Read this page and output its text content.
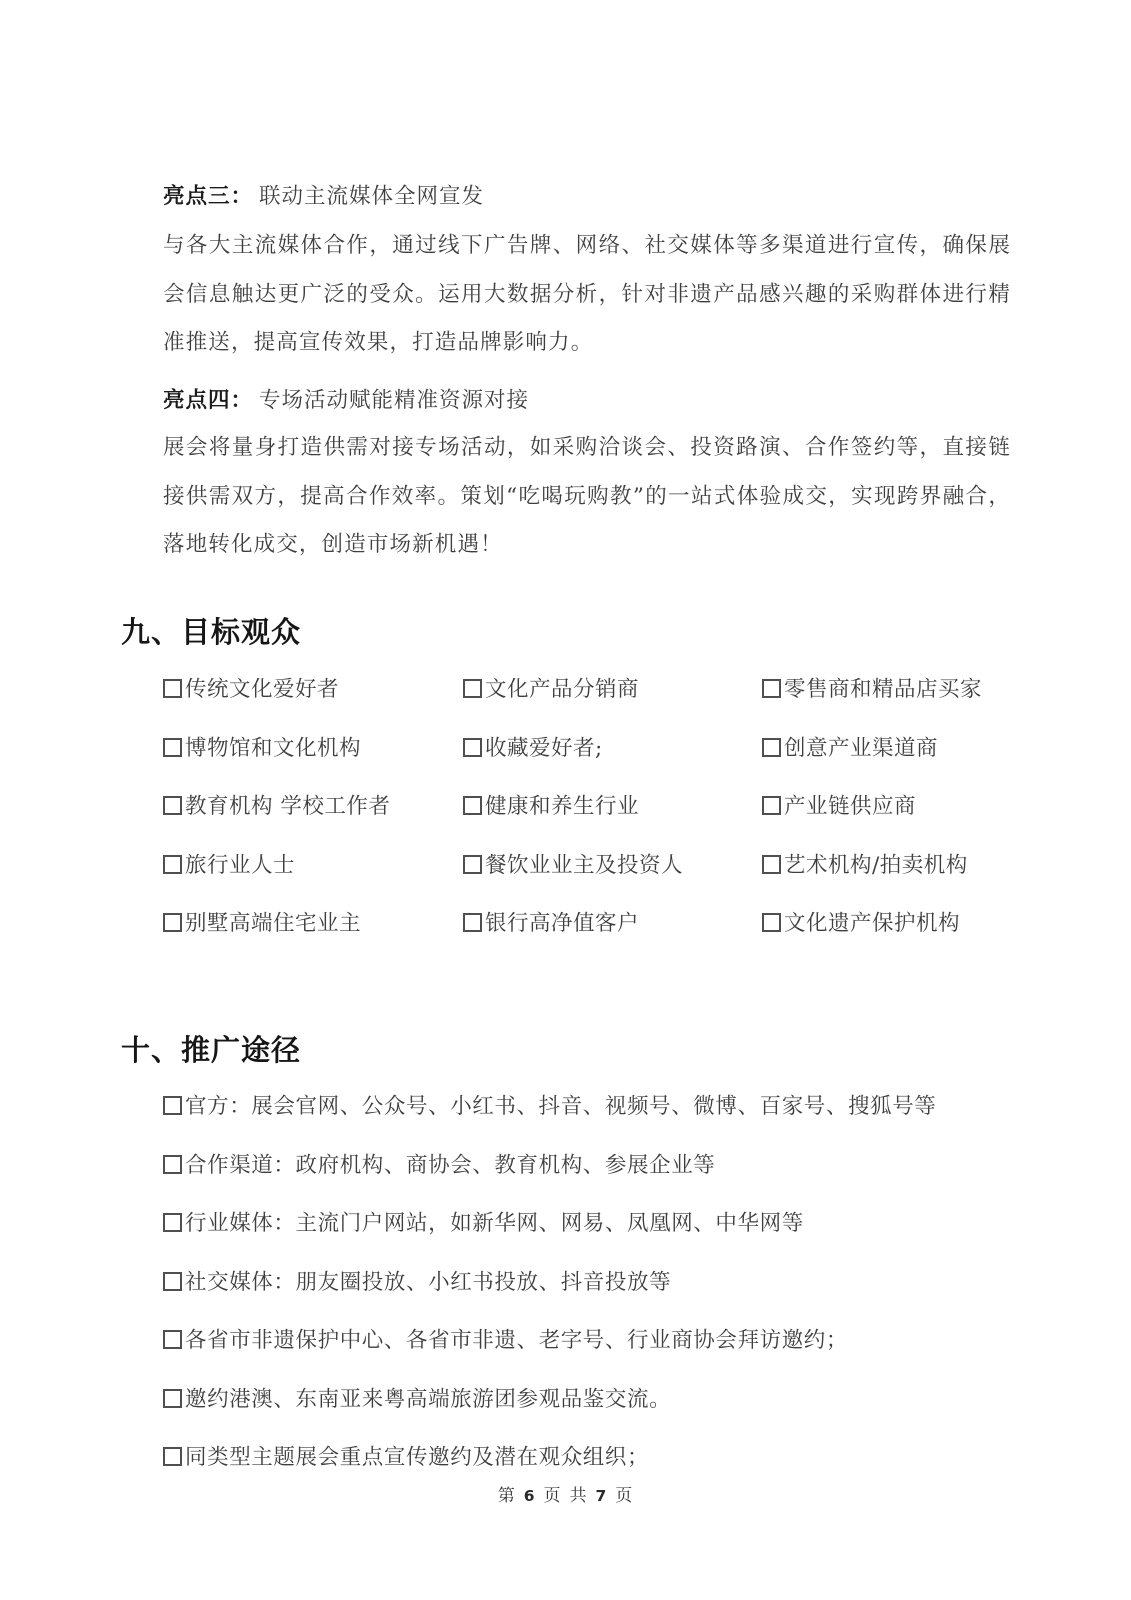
亮点三： 联动主流媒体全网宣发
与各大主流媒体合作，通过线下广告牌、网络、社交媒体等多渠道进行宣传，确保展会信息触达更广泛的受众。运用大数据分析，针对非遗产品感兴趣的采购群体进行精准推送，提高宣传效果，打造品牌影响力。
亮点四： 专场活动赋能精准资源对接
展会将量身打造供需对接专场活动，如采购洽谈会、投资路演、合作签约等，直接链接供需双方，提高合作效率。策划“吃喝玩购教”的一站式体验成交，实现跨界融合，落地转化成交，创造市场新机遇！
九、目标观众
传统文化爱好者	文化产品分销商	零售商和精品店买家
博物馆和文化机构	收藏爱好者;	创意产业渠道商
教育机构 学校工作者	健康和养生行业	产业链供应商
旅行业人士	餐饮业业主及投资人	艺术机构/拍卖机构
别墅高端住宅业主	银行高净值客户	文化遗产保护机构
十、推广途径
官方：展会官网、公众号、小红书、抖音、视频号、微博、百家号、搜狐号等
合作渠道：政府机构、商协会、教育机构、参展企业等
行业媒体：主流门户网站，如新华网、网易、凤凰网、中华网等
社交媒体：朋友圈投放、小红书投放、抖音投放等
各省市非遗保护中心、各省市非遗、老字号、行业商协会拜访邀约；
邀约港澳、东南亚来粤高端旅游团参观品鉴交流。
同类型主题展会重点宣传邀约及潜在观众组织；
第 6 页 共 7 页
